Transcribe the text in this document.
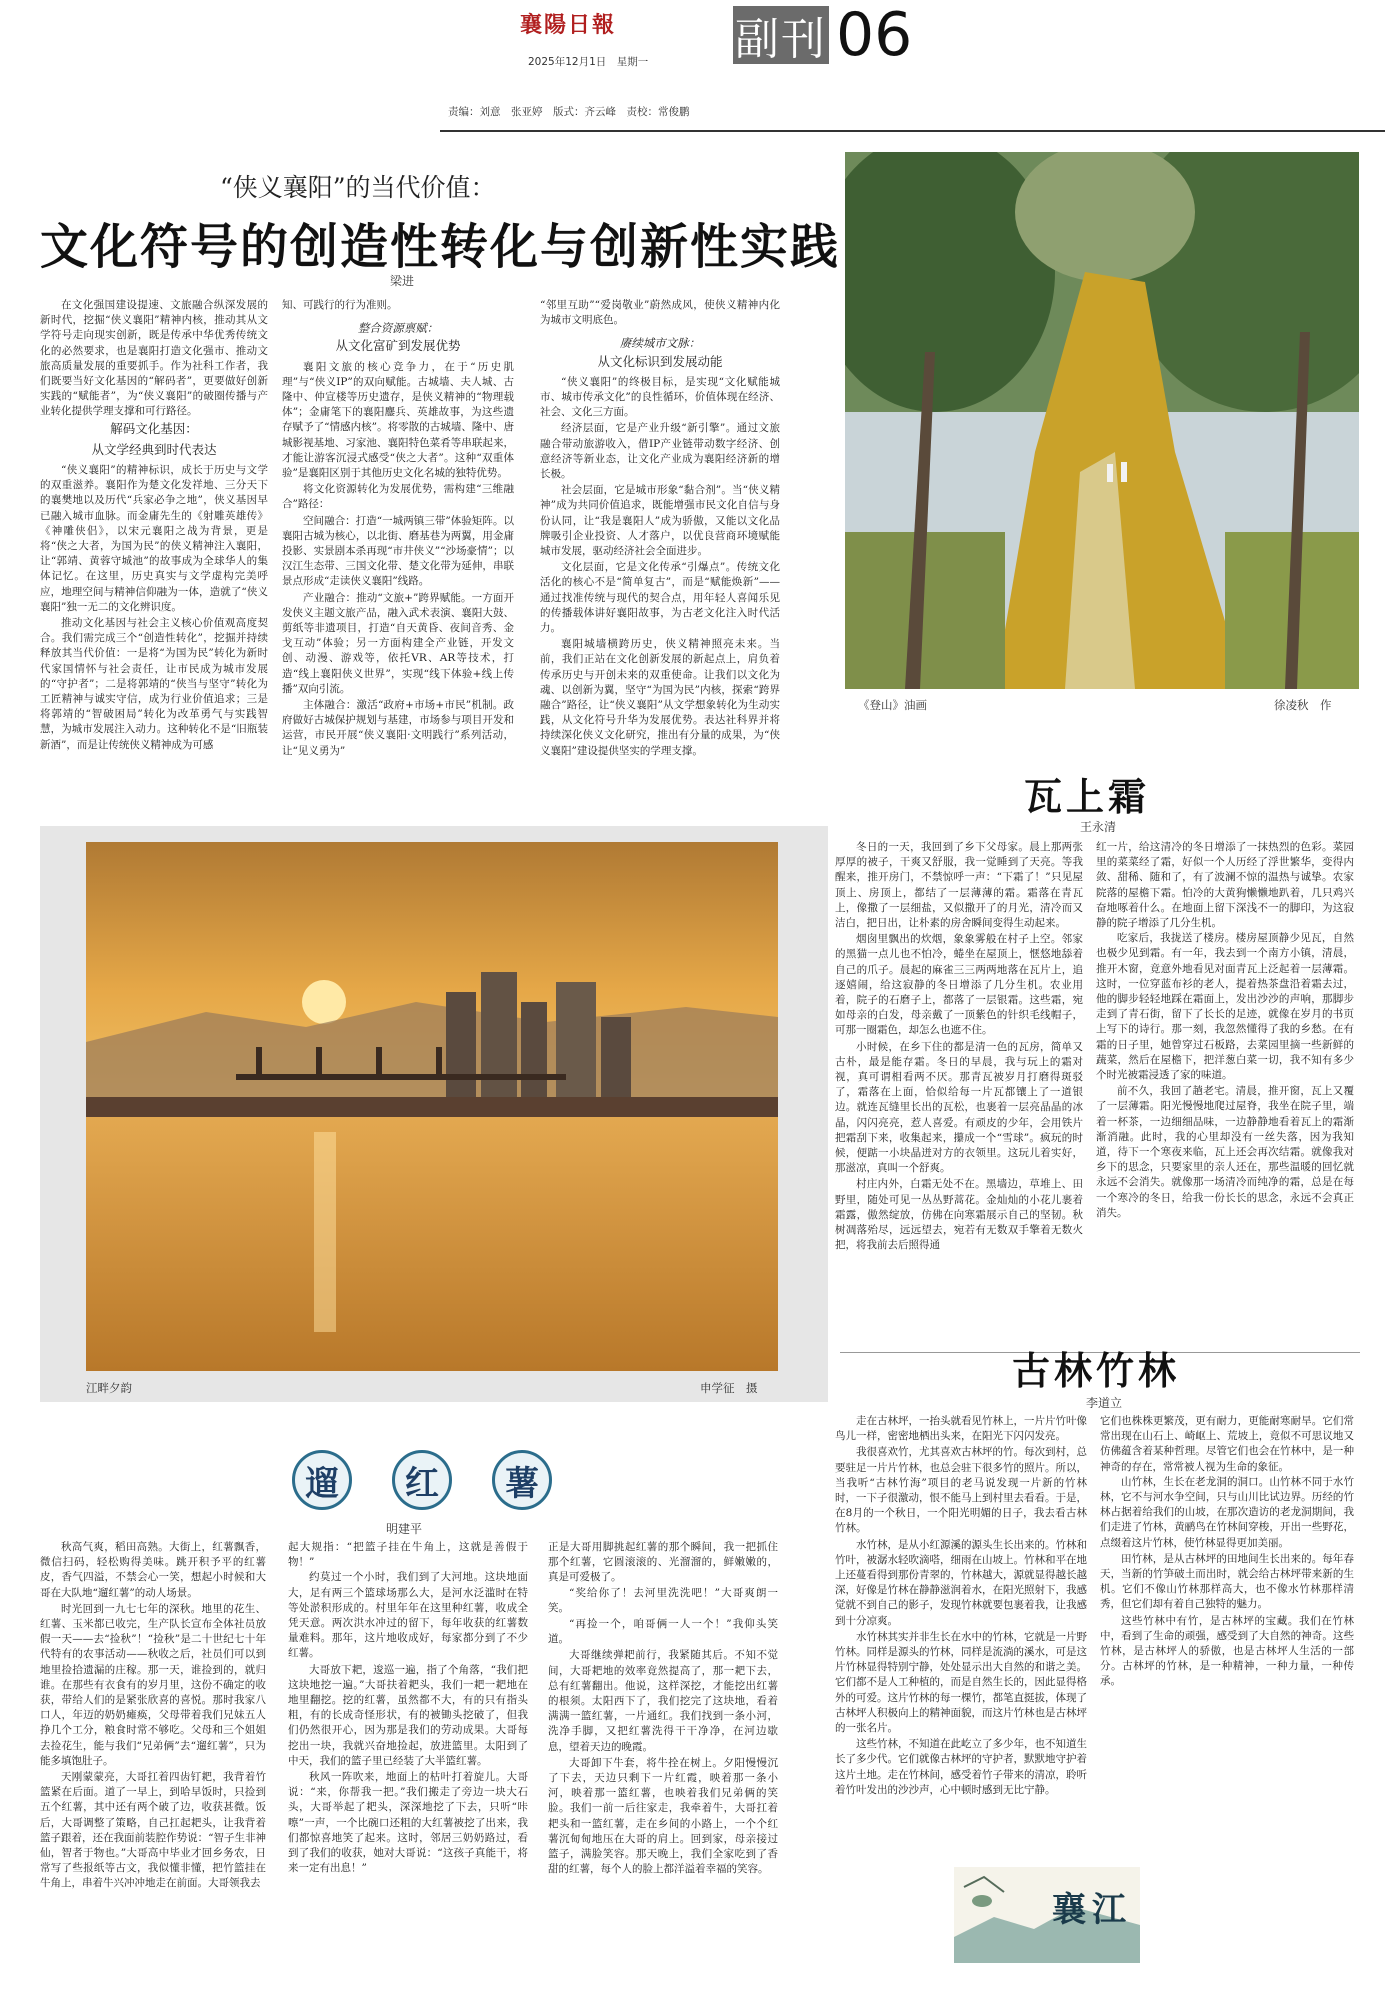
襄陽日報
2025年12月1日　星期一
责编：刘意　张亚婷　版式：齐云峰　责校：常俊鹏
副刊 06
“侠义襄阳”的当代价值：
文化符号的创造性转化与创新性实践
梁进

在文化强国建设提速、文旅融合纵深发展的新时代，挖掘“侠义襄阳”精神内核，推动其从文学符号走向现实创新，既是传承中华优秀传统文化的必然要求，也是襄阳打造文化强市、推动文旅高质量发展的重要抓手。作为社科工作者，我们既要当好文化基因的“解码者”，更要做好创新实践的“赋能者”，为“侠义襄阳”的破圈传播与产业转化提供学理支撑和可行路径。

解码文化基因：
从文学经典到时代表达

“侠义襄阳”的精神标识，成长于历史与文学的双重滋养。襄阳作为楚文化发祥地、三分天下的襄樊地以及历代“兵家必争之地”，侠义基因早已融入城市血脉。而金庸先生的《射雕英雄传》《神雕侠侣》，以宋元襄阳之战为背景，更是将“侠之大者，为国为民”的侠义精神注入襄阳，让“郭靖、黄蓉守城池”的故事成为全球华人的集体记忆。在这里，历史真实与文学虚构完美呼应，地理空间与精神信仰融为一体，造就了“侠义襄阳”独一无二的文化辨识度。

推动文化基因与社会主义核心价值观高度契合。我们需完成三个“创造性转化”，挖掘并持续释放其当代价值：一是将“为国为民”转化为新时代家国情怀与社会责任，让市民成为城市发展的“守护者”；二是将郭靖的“侠当与坚守”转化为工匠精神与诚实守信，成为行业价值追求；三是将郭靖的“智破困局”转化为改革勇气与实践智慧，为城市发展注入动力。这种转化不是“旧瓶装新酒”，而是让传统侠义精神成为可感

知、可践行的行为准则。
整合资源禀赋：
从文化富矿到发展优势

襄阳文旅的核心竞争力，在于“历史肌理”与“侠义IP”的双向赋能。古城墙、夫人城、古隆中、仲宣楼等历史遗存，是侠义精神的“物理载体”；金庸笔下的襄阳鏖兵、英雄故事，为这些遗存赋予了“情感内核”。将零散的古城墙、隆中、唐城影视基地、习家池、襄阳特色菜肴等串联起来，才能让游客沉浸式感受“侠之大者”。这种“双重体验”是襄阳区别于其他历史文化名城的独特优势。

将文化资源转化为发展优势，需构建“三维融合”路径：

空间融合：打造“一城两镇三带”体验矩阵。以襄阳古城为核心，以北街、磨基巷为两翼，用金庸投影、实景剧本杀再现“市井侠义”“沙场豪情”；以汉江生态带、三国文化带、楚文化带为延伸，串联景点形成“走读侠义襄阳”线路。

产业融合：推动“文旅+”跨界赋能。一方面开发侠义主题文旅产品，融入武术表演、襄阳大鼓、剪纸等非遗项目，打造“自天黄昏、夜间音秀、金戈互动”体验；另一方面构建全产业链，开发文创、动漫、游戏等，依托VR、AR等技术，打造“线上襄阳侠义世界”，实现“线下体验+线上传播”双向引流。

主体融合：激活“政府+市场+市民”机制。政府做好古城保护规划与基建，市场参与项目开发和运营，市民开展“侠义襄阳·文明践行”系列活动，让“见义勇为”

“邻里互助”“爱岗敬业”蔚然成风，使侠义精神内化为城市文明底色。
赓续城市文脉：
从文化标识到发展动能

“侠义襄阳”的终极目标，是实现“文化赋能城市、城市传承文化”的良性循环，价值体现在经济、社会、文化三方面。

经济层面，它是产业升级“新引擎”。通过文旅融合带动旅游收入，借IP产业链带动数字经济、创意经济等新业态，让文化产业成为襄阳经济新的增长极。

社会层面，它是城市形象“黏合剂”。当“侠义精神”成为共同价值追求，既能增强市民文化自信与身份认同，让“我是襄阳人”成为骄傲，又能以文化品牌吸引企业投资、人才落户，以优良营商环境赋能城市发展，驱动经济社会全面进步。

文化层面，它是文化传承“引爆点”。传统文化活化的核心不是“简单复古”，而是“赋能焕新”——通过找准传统与现代的契合点，用年轻人喜闻乐见的传播载体讲好襄阳故事，为古老文化注入时代活力。

襄阳城墙横跨历史，侠义精神照亮未来。当前，我们正站在文化创新发展的新起点上，肩负着传承历史与开创未来的双重使命。让我们以文化为魂、以创新为翼，坚守“为国为民”内核，探索“跨界融合”路径，让“侠义襄阳”从文学想象转化为生动实践，从文化符号升华为发展优势。表达社科界并将持续深化侠义文化研究，推出有分量的成果，为“侠义襄阳”建设提供坚实的学理支撑。

《登山》油画	徐凌秋　作
江畔夕韵	申学征　摄
瓦上霜
王永清

冬日的一天，我回到了乡下父母家。晨上那两张厚厚的被子，干爽又舒服，我一觉睡到了天亮。等我醒来，推开房门，不禁惊呼一声：“下霜了！”只见屋顶上、房顶上，都结了一层薄薄的霜。霜落在青瓦上，像撒了一层细盐，又似撒开了的月光，清冷而又洁白，把日出，让朴素的房舍瞬间变得生动起来。

烟囱里飘出的炊烟，象象雾般在村子上空。邻家的黑猫一点儿也不怕冷，蜷坐在屋顶上，惬悠地舔着自己的爪子。晨起的麻雀三三两两地落在瓦片上，追逐嬉闹，给这寂静的冬日增添了几分生机。农业用着，院子的石磨子上，都落了一层银霜。这些霜，宛如母亲的白发，母亲戴了一顶紫色的针织毛线帽子，可那一圈霜色，却怎么也遮不住。

小时候，在乡下住的都是清一色的瓦房，简单又古朴，最是能存霜。冬日的早晨，我与玩上的霜对视，真可谓相看两不厌。那青瓦被岁月打磨得斑驳了，霜落在上面，恰似给每一片瓦都镶上了一道银边。就连瓦缝里长出的瓦松，也裹着一层亮晶晶的冰晶，闪闪亮亮，惹人喜爱。有顽皮的少年，会用铁片把霜刮下来，收集起来，攥成一个“雪球”。疯玩的时候，便踮一小块晶迸对方的衣领里。这玩儿着实好，那滋凉，真叫一个舒爽。

村庄内外，白霜无处不在。黑墙边，草堆上、田野里，随处可见一丛丛野蒿花。金灿灿的小花儿裹着霜露，傲然绽放，仿佛在向寒霜展示自己的坚韧。秋树凋落殆尽，远远望去，宛若有无数双手擎着无数火把，将我前去后照得通

红一片，给这清冷的冬日增添了一抹热烈的色彩。菜园里的菜菜经了霜，好似一个人历经了浮世繁华，变得内敛、甜稀、随和了，有了波澜不惊的温热与诚挚。农家院落的屋檐下霜。怕冷的大黄狗懒懒地趴着，几只鸡兴奋地啄着什么。在地面上留下深浅不一的脚印，为这寂静的院子增添了几分生机。

吃家后，我拢送了楼房。楼房屋顶静少见瓦，自然也极少见到霜。有一年，我去到一个南方小镇，清晨，推开木窗，竟意外地看见对面青瓦上泛起着一层薄霜。这时，一位穿蓝布衫的老人，提着热茶盘沿着霜去过，他的脚步轻轻地踩在霜面上，发出沙沙的声响，那脚步走到了青石街，留下了长长的足迹，就像在岁月的书页上写下的诗行。那一刻，我忽然懂得了我的乡愁。在有霜的日子里，她曾穿过石板路，去菜园里摘一些新鲜的蔬菜，然后在屋檐下，把洋葱白菜一切，我不知有多少个时光被霜浸透了家的味道。

前不久，我回了趟老宅。清晨，推开窗，瓦上又覆了一层薄霜。阳光慢慢地爬过屋脊，我坐在院子里，端着一杯茶，一边细细品味，一边静静地看着瓦上的霜渐渐消融。此时，我的心里却没有一丝失落，因为我知道，待下一个寒夜来临，瓦上还会再次结霜。就像我对乡下的思念，只要家里的亲人还在，那些温暖的回忆就永远不会消失。就像那一场清冷而纯净的霜，总是在每一个寒冷的冬日，给我一份长长的思念，永远不会真正消失。

遛	红	薯
明建平

秋高气爽，稻田高熟。大街上，红薯飘香，微信扫码，轻松购得美味。跳开积予平的红薯皮，香气四溢，不禁会心一笑，想起小时候和大哥在大队地“遛红薯”的动人场景。

时光回到一九七七年的深秋。地里的花生、红薯、玉米都已收完，生产队长宣布全体社员放假一天——去“捡秋”！“捡秋”是二十世纪七十年代特有的农事活动——秋收之后，社员们可以到地里捡拾遗漏的庄稼。那一天，谁捡到的，就归谁。在那些有衣食有的岁月里，这份不确定的收获，带给人们的是紧张欣喜的喜悦。那时我家八口人，年迈的奶奶瘫痪，父母带着我们兄妹五人挣几个工分，粮食时常不够吃。父母和三个姐姐去捡花生，能与我们“兄弟俩”去“遛红薯”，只为能多填饱肚子。

天刚蒙蒙亮，大哥扛着四齿钉耙，我背着竹篮紧在后面。道了一早上，到哈早饭时，只捡到五个红薯，其中还有两个破了边，收获甚微。饭后，大哥调整了策略，自己扛起耙头，让我背着篮子跟着，还在我面前装腔作势说：“智子生非神仙，智者于物也。”大哥高中毕业才回乡务农，日常写了些报纸等古文，我似懂非懂，把竹篮挂在牛角上，串着牛兴冲冲地走在前面。大哥领我去

起大规指：“把篮子挂在牛角上，这就是善假于物！”

约莫过一个小时，我们到了大河地。这块地面大，足有两三个篮球场那么大，是河水泛滥时在特等处淤积形成的。村里年年在这里种红薯，收成全凭天意。两次洪水冲过的留下，每年收获的红薯数量难料。那年，这片地收成好，每家都分到了不少红薯。

大哥放下耙，逡巡一遍，指了个角落，“我们把这块地挖一遍。”大哥扶着耙头，我们一耙一耙地在地里翻挖。挖的红薯，虽然都不大，有的只有指头粗，有的长成奇怪形状，有的被锄头挖破了，但我们仍然很开心，因为那是我们的劳动成果。大哥每挖出一块，我就兴奋地捡起，放进篮里。太阳到了中天，我们的篮子里已经装了大半篮红薯。

秋风一阵吹来，地面上的枯叶打着旋儿。大哥说：“来，你帮我一把。”我们搬走了旁边一块大石头，大哥举起了耙头，深深地挖了下去，只听“咔嚓”一声，一个比碗口还粗的大红薯被挖了出来，我们都惊喜地笑了起来。这时，邻居三奶奶路过，看到了我们的收获，她对大哥说：“这孩子真能干，将来一定有出息！”

正是大哥用脚挑起红薯的那个瞬间，我一把抓住那个红薯，它圆滚滚的、光溜溜的，鲜嫩嫩的，真是可爱极了。

“奖给你了！去河里洗洗吧！”大哥爽朗一笑。

“再捡一个，咱哥俩一人一个！”我仰头笑道。

大哥继续弹耙前行，我紧随其后。不知不觉间，大哥耙地的效率竟然提高了，那一耙下去，总有红薯翻出。他说，这样深挖，才能挖出红薯的根须。太阳西下了，我们挖完了这块地，看着满满一篮红薯，一片通红。我们找到一条小河，洗净手脚，又把红薯洗得干干净净，在河边歇息，望着天边的晚霞。

大哥卸下牛套，将牛拴在树上。夕阳慢慢沉了下去，天边只剩下一片红霞，映着那一条小河，映着那一篮红薯，也映着我们兄弟俩的笑脸。我们一前一后往家走，我牵着牛，大哥扛着耙头和一篮红薯，走在乡间的小路上，一个个红薯沉甸甸地压在大哥的肩上。回到家，母亲接过篮子，满脸笑容。那天晚上，我们全家吃到了香甜的红薯，每个人的脸上都洋溢着幸福的笑容。

古林竹林
李道立

走在古林坪，一抬头就看见竹林上，一片片竹叶像鸟儿一样，密密地栖出头来，在阳光下闪闪发亮。

我很喜欢竹，尤其喜欢古林坪的竹。每次到村，总要驻足一片片竹林，也总会驻下很多竹的照片。所以，当我听“古林竹海”项目的老马说发现一片新的竹林时，一下子很激动，恨不能马上到村里去看看。于是，在8月的一个秋日，一个阳光明媚的日子，我去看古林竹林。

水竹林，是从小红源溪的源头生长出来的。竹林和竹叶，被潺水轻吹滴嗒，细雨在山坡上。竹林和平在地上还蔓看得到那份青翠的，竹林越大，源就显得越长越深，好像是竹林在静静滋润着水，在阳光照射下，我感觉就不到自己的影子，发现竹林就要包裹着我，让我感到十分凉爽。

水竹林其实并非生长在水中的竹林，它就是一片野竹林。同样是源头的竹林，同样是流淌的溪水，可是这片竹林显得特别宁静，处处显示出大自然的和谐之美。它们都不是人工种植的，而是自然生长的，因此显得格外的可爱。这片竹林的每一棵竹，都笔直挺拔，体现了古林坪人积极向上的精神面貌，而这片竹林也是古林坪的一张名片。

这些竹林，不知道在此屹立了多少年，也不知道生长了多少代。它们就像古林坪的守护者，默默地守护着这片土地。走在竹林间，感受着竹子带来的清凉，聆听着竹叶发出的沙沙声，心中顿时感到无比宁静。

它们也株株更繁茂，更有耐力，更能耐寒耐旱。它们常常出现在山石上、崎岖上、荒坡上，竟似不可思议地又仿佛蕴含着某种哲理。尽管它们也会在竹林中，是一种神奇的存在，常常被人视为生命的象征。

山竹林，生长在老龙洞的洞口。山竹林不同于水竹林，它不与河水争空间，只与山川比试边界。历经的竹林占据着给我们的山坡，在那次造访的老龙洞期间，我们走进了竹林，黄鹂鸟在竹林间穿梭，开出一些野花，点缀着这片竹林，使竹林显得更加美丽。

田竹林，是从古林坪的田地间生长出来的。每年春天，当新的竹笋破土而出时，就会给古林坪带来新的生机。它们不像山竹林那样高大，也不像水竹林那样清秀，但它们却有着自己独特的魅力。

这些竹林中有竹，是古林坪的宝藏。我们在竹林中，看到了生命的顽强，感受到了大自然的神奇。这些竹林，是古林坪人的骄傲，也是古林坪人生活的一部分。古林坪的竹林，是一种精神，一种力量，一种传承。

襄江
